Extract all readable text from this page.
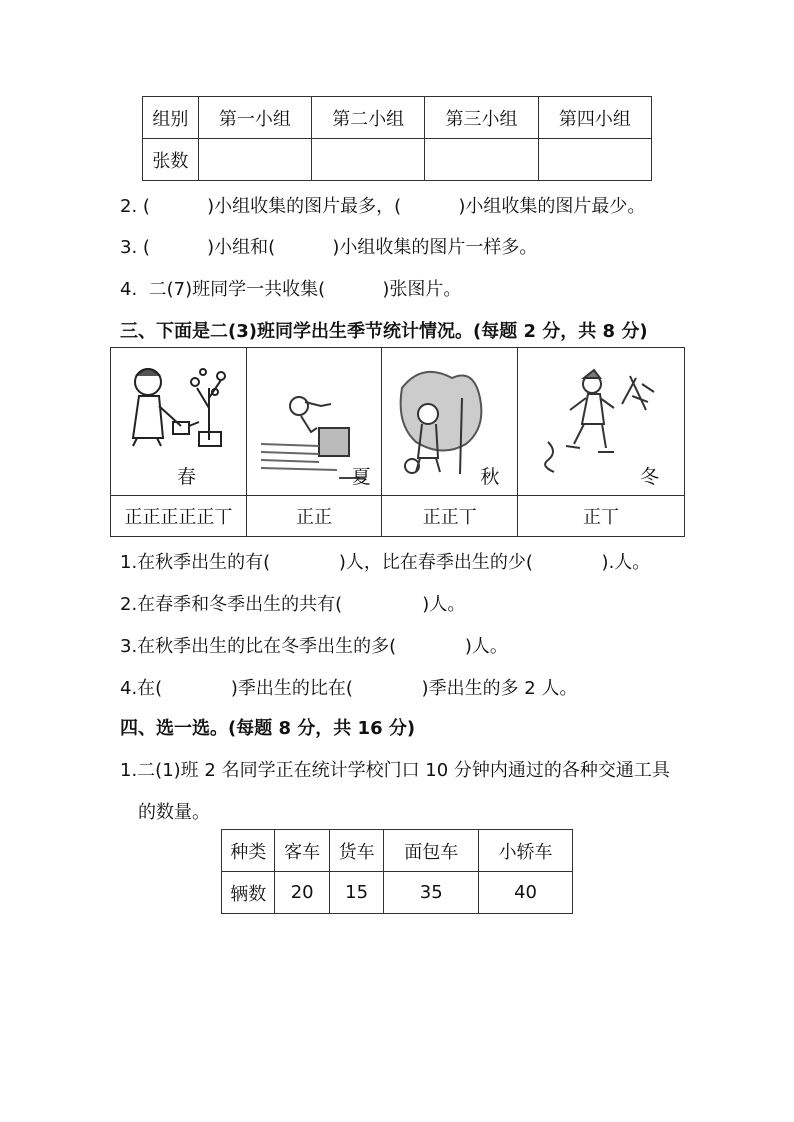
组别	第一小组	第二小组	第三小组	第四小组
张数				
2. (          )小组收集的图片最多，(          )小组收集的图片最少。
3. (          )小组和(          )小组收集的图片一样多。
4.  二(7)班同学一共收集(          )张图片。
三、下面是二(3)班同学出生季节统计情况。(每题 2 分，共 8 分)
春	夏	秋	冬

正正正正正丅	正正	正正丅	正丅
1.在秋季出生的有(            )人，比在春季出生的少(            ).人。
2.在春季和冬季出生的共有(              )人。
3.在秋季出生的比在冬季出生的多(            )人。
4.在(            )季出生的比在(            )季出生的多 2 人。
四、选一选。(每题 8 分，共 16 分)
1.二(1)班 2 名同学正在统计学校门口 10 分钟内通过的各种交通工具
的数量。
种类	客车	货车	面包车	小轿车
辆数	20	15	35	40
